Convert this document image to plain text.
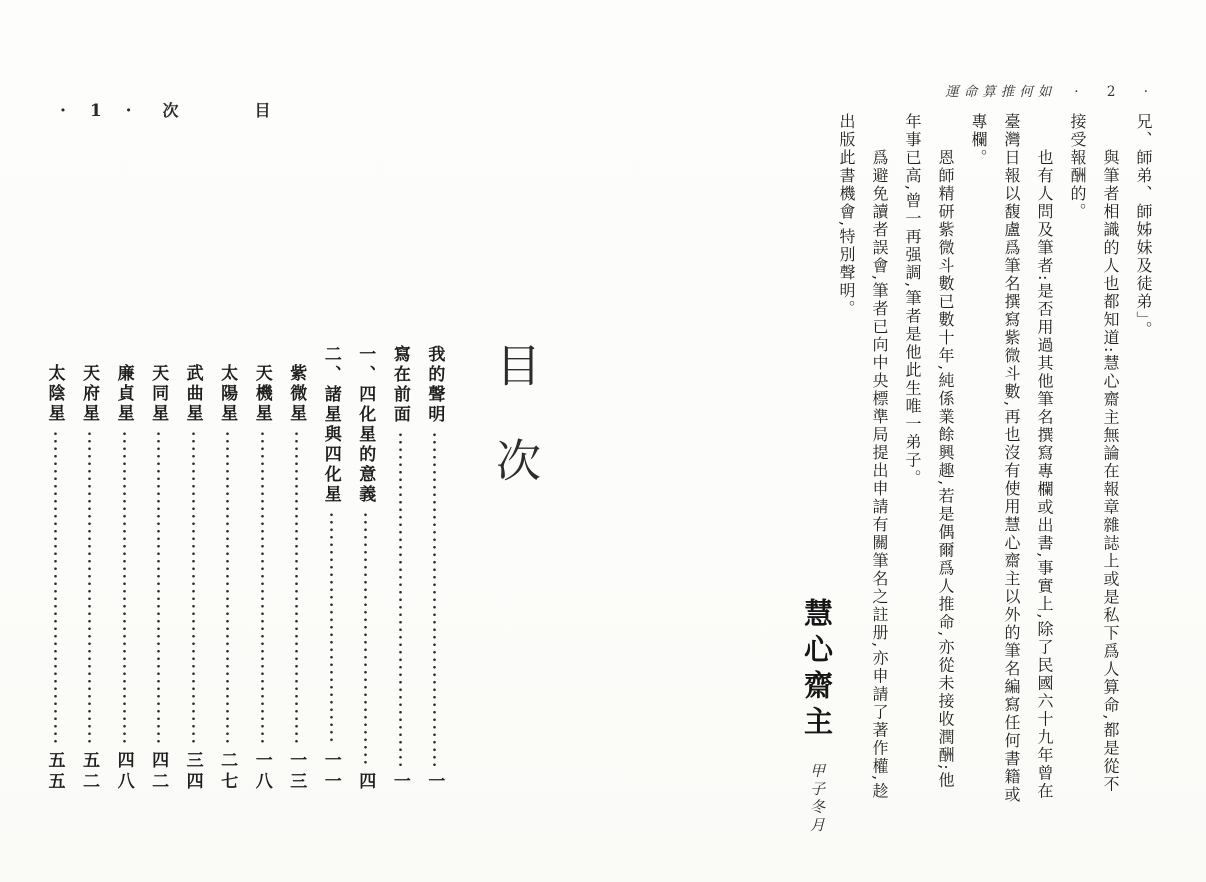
· 1 · 次　目
目次
我的聲明
一
寫在前面
一
一、四化星的意義
四
二、諸星與四化星
一一
紫微星
一三
天機星
一八
太陽星
二七
武曲星
三四
天同星
四二
廉貞星
四八
天府星
五二
太陰星
五五
運命算推何如 · 2 ·

兄、師弟、師姊妹及徒弟」。

與筆者相識的人也都知道:慧心齋主無論在報章雜誌上或是私下爲人算命,都是從不接受報酬的。

也有人問及筆者:是否用過其他筆名撰寫專欄或出書,事實上,除了民國六十九年曾在臺灣日報以馥盧爲筆名撰寫紫微斗數,再也沒有使用慧心齋主以外的筆名編寫任何書籍或專欄。

恩師精研紫微斗數已數十年,純係業餘興趣,若是偶爾爲人推命,亦從未接收潤酬;他年事已高,曾一再强調,筆者是他此生唯一弟子。

爲避免讀者誤會,筆者已向中央標準局提出申請有關筆名之註册,亦申請了著作權,趁出版此書機會,特別聲明。

慧心齋主 甲子冬月
